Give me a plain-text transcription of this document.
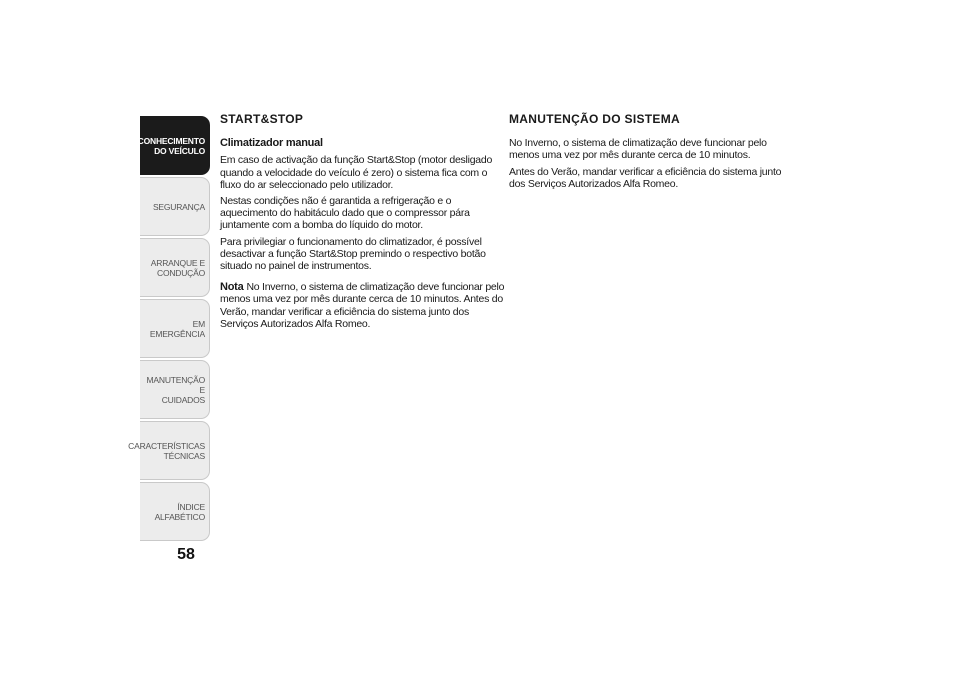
CONHECIMENTO
DO VEÍCULO
SEGURANÇA
ARRANQUE E
CONDUÇÃO
EM EMERGÊNCIA
MANUTENÇÃO E
CUIDADOS
CARACTERÍSTICAS
TÉCNICAS
ÍNDICE ALFABÉTICO
58
START&STOP
Climatizador manual

Em caso de activação da função Start&Stop (motor desligado quando a velocidade do veículo é zero) o sistema fica com o fluxo do ar seleccionado pelo utilizador.

Nestas condições não é garantida a refrigeração e o aquecimento do habitáculo dado que o compressor pára juntamente com a bomba do líquido do motor.

Para privilegiar o funcionamento do climatizador, é possível desactivar a função Start&Stop premindo o respectivo botão situado no painel de instrumentos.

Nota No Inverno, o sistema de climatização deve funcionar pelo menos uma vez por mês durante cerca de 10 minutos. Antes do Verão, mandar verificar a eficiência do sistema junto dos Serviços Autorizados Alfa Romeo.

MANUTENÇÃO DO SISTEMA

No Inverno, o sistema de climatização deve funcionar pelo menos uma vez por mês durante cerca de 10 minutos.

Antes do Verão, mandar verificar a eficiência do sistema junto dos Serviços Autorizados Alfa Romeo.
